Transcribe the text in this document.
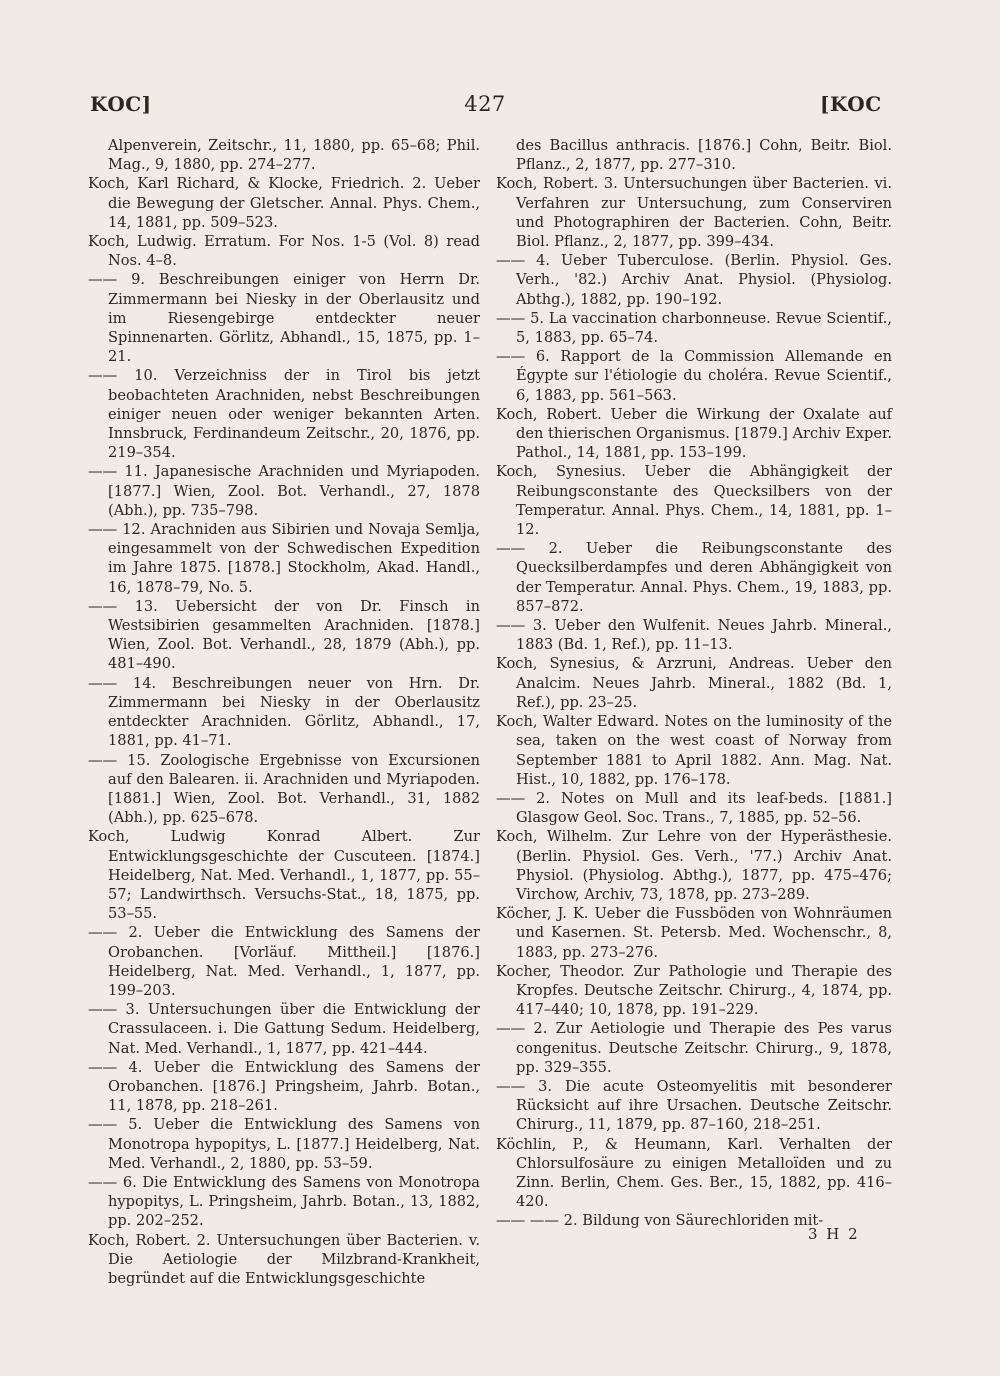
KOC]	427	[KOC

Alpenverein, Zeitschr., 11, 1880, pp. 65–68; Phil. Mag., 9, 1880, pp. 274–277.

Koch, Karl Richard, & Klocke, Friedrich. 2. Ueber die Bewegung der Gletscher. Annal. Phys. Chem., 14, 1881, pp. 509–523.

Koch, Ludwig. Erratum. For Nos. 1-5 (Vol. 8) read Nos. 4–8.

—— 9. Beschreibungen einiger von Herrn Dr. Zimmermann bei Niesky in der Oberlausitz und im Riesengebirge entdeckter neuer Spinnenarten. Görlitz, Abhandl., 15, 1875, pp. 1–21.

—— 10. Verzeichniss der in Tirol bis jetzt beobachteten Arachniden, nebst Beschreibungen einiger neuen oder weniger bekannten Arten. Innsbruck, Ferdinandeum Zeitschr., 20, 1876, pp. 219–354.

—— 11. Japanesische Arachniden und Myriapoden. [1877.] Wien, Zool. Bot. Verhandl., 27, 1878 (Abh.), pp. 735–798.

—— 12. Arachniden aus Sibirien und Novaja Semlja, eingesammelt von der Schwedischen Expedition im Jahre 1875. [1878.] Stockholm, Akad. Handl., 16, 1878–79, No. 5.

—— 13. Uebersicht der von Dr. Finsch in Westsibirien gesammelten Arachniden. [1878.] Wien, Zool. Bot. Verhandl., 28, 1879 (Abh.), pp. 481–490.

—— 14. Beschreibungen neuer von Hrn. Dr. Zimmermann bei Niesky in der Oberlausitz entdeckter Arachniden. Görlitz, Abhandl., 17, 1881, pp. 41–71.

—— 15. Zoologische Ergebnisse von Excursionen auf den Balearen. ii. Arachniden und Myriapoden. [1881.] Wien, Zool. Bot. Verhandl., 31, 1882 (Abh.), pp. 625–678.

Koch, Ludwig Konrad Albert. Zur Entwicklungsgeschichte der Cuscuteen. [1874.] Heidelberg, Nat. Med. Verhandl., 1, 1877, pp. 55–57; Landwirthsch. Versuchs-Stat., 18, 1875, pp. 53–55.

—— 2. Ueber die Entwicklung des Samens der Orobanchen. [Vorläuf. Mittheil.] [1876.] Heidelberg, Nat. Med. Verhandl., 1, 1877, pp. 199–203.

—— 3. Untersuchungen über die Entwicklung der Crassulaceen. i. Die Gattung Sedum. Heidelberg, Nat. Med. Verhandl., 1, 1877, pp. 421–444.

—— 4. Ueber die Entwicklung des Samens der Orobanchen. [1876.] Pringsheim, Jahrb. Botan., 11, 1878, pp. 218–261.

—— 5. Ueber die Entwicklung des Samens von Monotropa hypopitys, L. [1877.] Heidelberg, Nat. Med. Verhandl., 2, 1880, pp. 53–59.

—— 6. Die Entwicklung des Samens von Monotropa hypopitys, L. Pringsheim, Jahrb. Botan., 13, 1882, pp. 202–252.

Koch, Robert. 2. Untersuchungen über Bacterien. v. Die Aetiologie der Milzbrand-Krankheit, begründet auf die Entwicklungsgeschichte

des Bacillus anthracis. [1876.] Cohn, Beitr. Biol. Pflanz., 2, 1877, pp. 277–310.

Koch, Robert. 3. Untersuchungen über Bacterien. vi. Verfahren zur Untersuchung, zum Conserviren und Photographiren der Bacterien. Cohn, Beitr. Biol. Pflanz., 2, 1877, pp. 399–434.

—— 4. Ueber Tuberculose. (Berlin. Physiol. Ges. Verh., '82.) Archiv Anat. Physiol. (Physiolog. Abthg.), 1882, pp. 190–192.

—— 5. La vaccination charbonneuse. Revue Scientif., 5, 1883, pp. 65–74.

—— 6. Rapport de la Commission Allemande en Égypte sur l'étiologie du choléra. Revue Scientif., 6, 1883, pp. 561–563.

Koch, Robert. Ueber die Wirkung der Oxalate auf den thierischen Organismus. [1879.] Archiv Exper. Pathol., 14, 1881, pp. 153–199.

Koch, Synesius. Ueber die Abhängigkeit der Reibungsconstante des Quecksilbers von der Temperatur. Annal. Phys. Chem., 14, 1881, pp. 1–12.

—— 2. Ueber die Reibungsconstante des Quecksilberdampfes und deren Abhängigkeit von der Temperatur. Annal. Phys. Chem., 19, 1883, pp. 857–872.

—— 3. Ueber den Wulfenit. Neues Jahrb. Mineral., 1883 (Bd. 1, Ref.), pp. 11–13.

Koch, Synesius, & Arzruni, Andreas. Ueber den Analcim. Neues Jahrb. Mineral., 1882 (Bd. 1, Ref.), pp. 23–25.

Koch, Walter Edward. Notes on the luminosity of the sea, taken on the west coast of Norway from September 1881 to April 1882. Ann. Mag. Nat. Hist., 10, 1882, pp. 176–178.

—— 2. Notes on Mull and its leaf-beds. [1881.] Glasgow Geol. Soc. Trans., 7, 1885, pp. 52–56.

Koch, Wilhelm. Zur Lehre von der Hyperästhesie. (Berlin. Physiol. Ges. Verh., '77.) Archiv Anat. Physiol. (Physiolog. Abthg.), 1877, pp. 475–476; Virchow, Archiv, 73, 1878, pp. 273–289.

Köcher, J. K. Ueber die Fussböden von Wohnräumen und Kasernen. St. Petersb. Med. Wochenschr., 8, 1883, pp. 273–276.

Kocher, Theodor. Zur Pathologie und Therapie des Kropfes. Deutsche Zeitschr. Chirurg., 4, 1874, pp. 417–440; 10, 1878, pp. 191–229.

—— 2. Zur Aetiologie und Therapie des Pes varus congenitus. Deutsche Zeitschr. Chirurg., 9, 1878, pp. 329–355.

—— 3. Die acute Osteomyelitis mit besonderer Rücksicht auf ihre Ursachen. Deutsche Zeitschr. Chirurg., 11, 1879, pp. 87–160, 218–251.

Köchlin, P., & Heumann, Karl. Verhalten der Chlorsulfosäure zu einigen Metalloïden und zu Zinn. Berlin, Chem. Ges. Ber., 15, 1882, pp. 416–420.

—— —— 2. Bildung von Säurechloriden mit-

3 H 2
